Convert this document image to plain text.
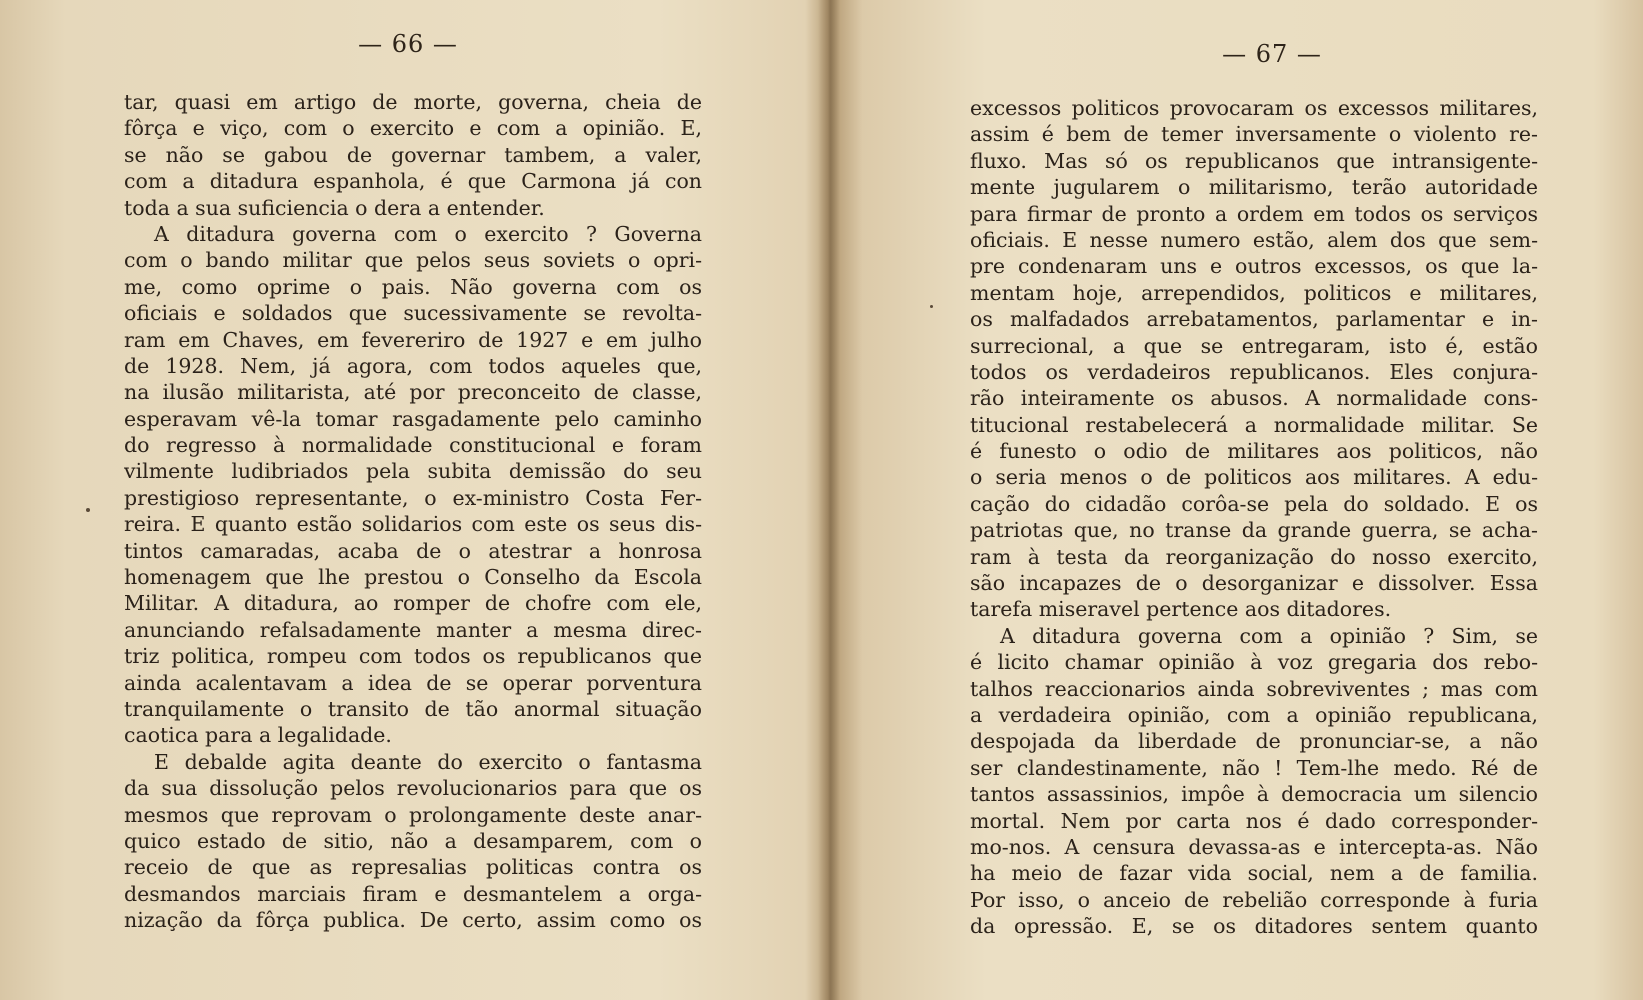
— 66 —
tar, quasi em artigo de morte, governa, cheia de
fôrça e viço, com o exercito e com a opinião. E,
se não se gabou de governar tambem, a valer,
com a ditadura espanhola, é que Carmona já con
toda a sua suficiencia o dera a entender.
A ditadura governa com o exercito ? Governa
com o bando militar que pelos seus soviets o opri-
me, como oprime o pais. Não governa com os
oficiais e soldados que sucessivamente se revolta-
ram em Chaves, em fevereriro de 1927 e em julho
de 1928. Nem, já agora, com todos aqueles que,
na ilusão militarista, até por preconceito de classe,
esperavam vê-la tomar rasgadamente pelo caminho
do regresso à normalidade constitucional e foram
vilmente ludibriados pela subita demissão do seu
prestigioso representante, o ex-ministro Costa Fer-
reira. E quanto estão solidarios com este os seus dis-
tintos camaradas, acaba de o atestrar a honrosa
homenagem que lhe prestou o Conselho da Escola
Militar. A ditadura, ao romper de chofre com ele,
anunciando refalsadamente manter a mesma direc-
triz politica, rompeu com todos os republicanos que
ainda acalentavam a idea de se operar porventura
tranquilamente o transito de tão anormal situação
caotica para a legalidade.
E debalde agita deante do exercito o fantasma
da sua dissolução pelos revolucionarios para que os
mesmos que reprovam o prolongamente deste anar-
quico estado de sitio, não a desamparem, com o
receio de que as represalias politicas contra os
desmandos marciais firam e desmantelem a orga-
nização da fôrça publica. De certo, assim como os
— 67 —
excessos politicos provocaram os excessos militares,
assim é bem de temer inversamente o violento re-
fluxo. Mas só os republicanos que intransigente-
mente jugularem o militarismo, terão autoridade
para firmar de pronto a ordem em todos os serviços
oficiais. E nesse numero estão, alem dos que sem-
pre condenaram uns e outros excessos, os que la-
mentam hoje, arrependidos, politicos e militares,
os malfadados arrebatamentos, parlamentar e in-
surrecional, a que se entregaram, isto é, estão
todos os verdadeiros republicanos. Eles conjura-
rão inteiramente os abusos. A normalidade cons-
titucional restabelecerá a normalidade militar. Se
é funesto o odio de militares aos politicos, não
o seria menos o de politicos aos militares. A edu-
cação do cidadão corôa-se pela do soldado. E os
patriotas que, no transe da grande guerra, se acha-
ram à testa da reorganização do nosso exercito,
são incapazes de o desorganizar e dissolver. Essa
tarefa miseravel pertence aos ditadores.
A ditadura governa com a opinião ? Sim, se
é licito chamar opinião à voz gregaria dos rebo-
talhos reaccionarios ainda sobreviventes ; mas com
a verdadeira opinião, com a opinião republicana,
despojada da liberdade de pronunciar-se, a não
ser clandestinamente, não ! Tem-lhe medo. Ré de
tantos assassinios, impôe à democracia um silencio
mortal. Nem por carta nos é dado corresponder-
mo-nos. A censura devassa-as e intercepta-as. Não
ha meio de fazar vida social, nem a de familia.
Por isso, o anceio de rebelião corresponde à furia
da opressão. E, se os ditadores sentem quanto
